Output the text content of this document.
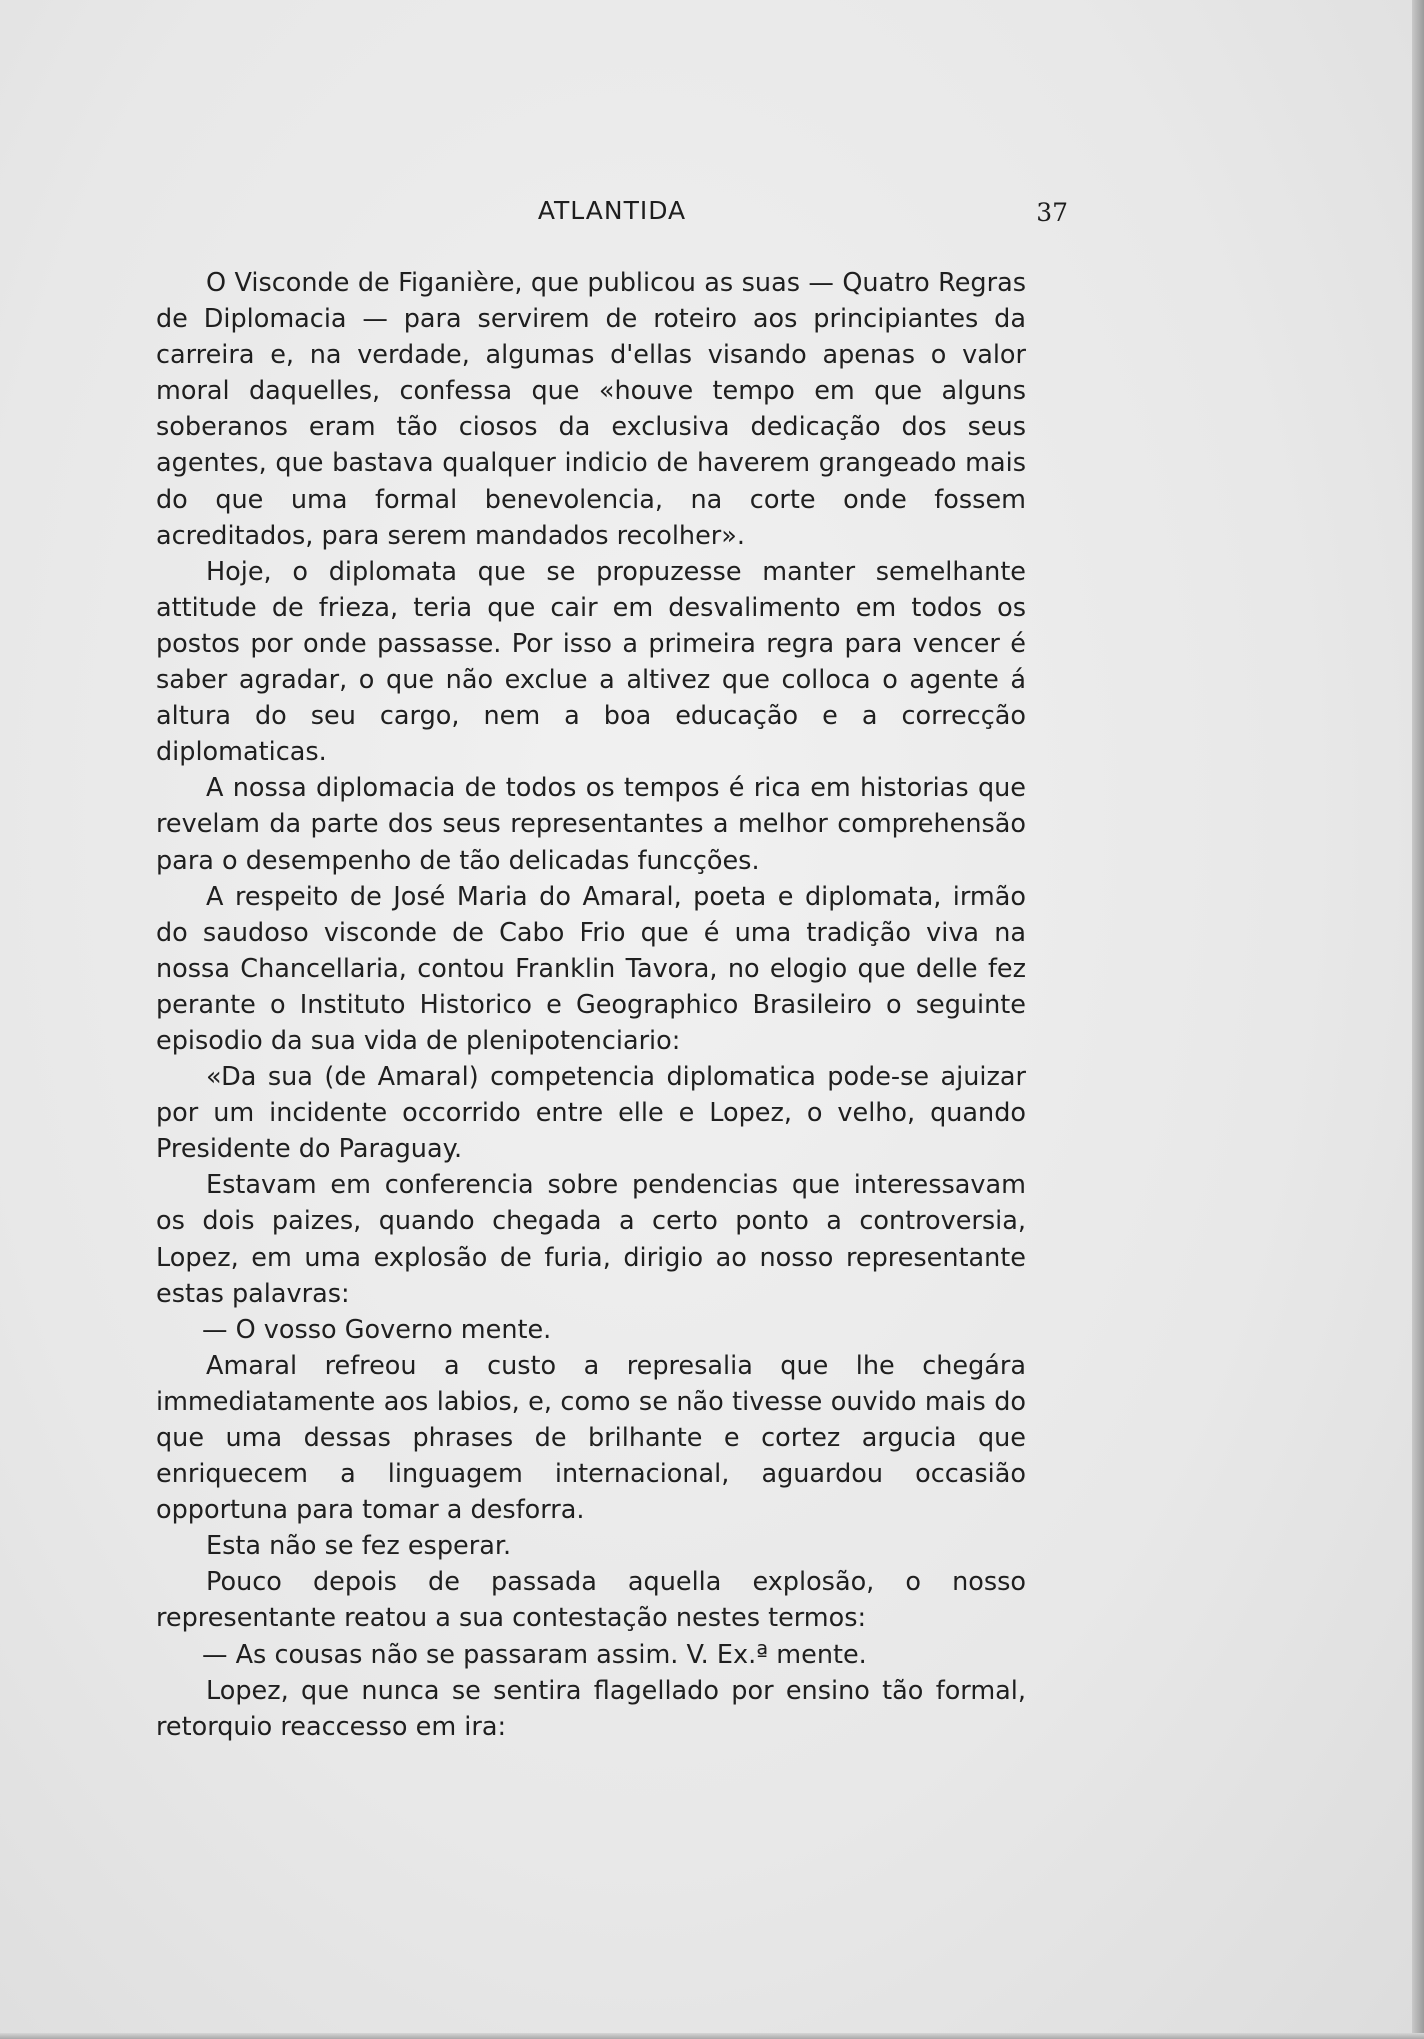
ATLANTIDA	37

O Visconde de Figanière, que publicou as suas — Quatro Regras de Diplomacia — para servirem de roteiro aos principiantes da carreira e, na verdade, algumas d'ellas visando apenas o valor moral daquelles, confessa que «houve tempo em que alguns soberanos eram tão ciosos da exclusiva dedicação dos seus agentes, que bastava qualquer indicio de haverem grangeado mais do que uma formal benevolencia, na corte onde fossem acreditados, para serem mandados recolher».

Hoje, o diplomata que se propuzesse manter semelhante attitude de frieza, teria que cair em desvalimento em todos os postos por onde passasse. Por isso a primeira regra para vencer é saber agradar, o que não exclue a altivez que colloca o agente á altura do seu cargo, nem a boa educação e a correcção diplomaticas.

A nossa diplomacia de todos os tempos é rica em historias que revelam da parte dos seus representantes a melhor comprehensão para o desempenho de tão delicadas funcções.

A respeito de José Maria do Amaral, poeta e diplomata, irmão do saudoso visconde de Cabo Frio que é uma tradição viva na nossa Chancellaria, contou Franklin Tavora, no elogio que delle fez perante o Instituto Historico e Geographico Brasileiro o seguinte episodio da sua vida de plenipotenciario:

«Da sua (de Amaral) competencia diplomatica pode-se ajuizar por um incidente occorrido entre elle e Lopez, o velho, quando Presidente do Paraguay.

Estavam em conferencia sobre pendencias que interessavam os dois paizes, quando chegada a certo ponto a controversia, Lopez, em uma explosão de furia, dirigio ao nosso representante estas palavras:

— O vosso Governo mente.

Amaral refreou a custo a represalia que lhe chegára immediatamente aos labios, e, como se não tivesse ouvido mais do que uma dessas phrases de brilhante e cortez argucia que enriquecem a linguagem internacional, aguardou occasião opportuna para tomar a desforra.

Esta não se fez esperar.

Pouco depois de passada aquella explosão, o nosso representante reatou a sua contestação nestes termos:

— As cousas não se passaram assim. V. Ex.ª mente.

Lopez, que nunca se sentira flagellado por ensino tão formal, retorquio reaccesso em ira:
